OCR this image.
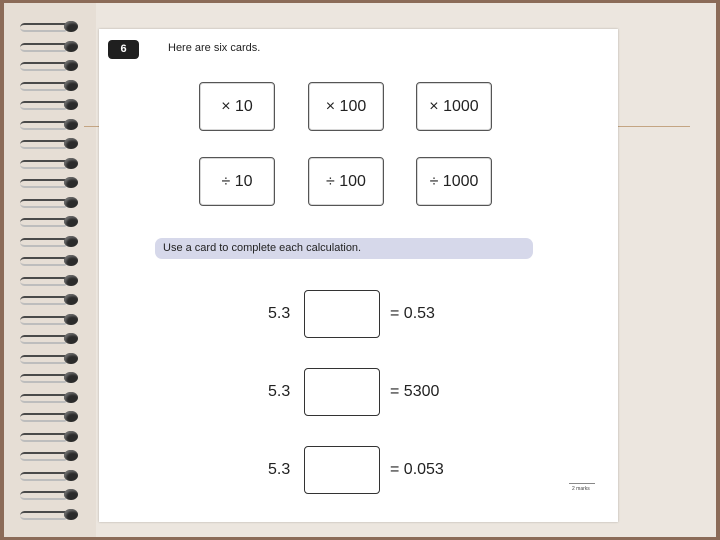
6	Here are six cards.
× 10	× 100	× 1000
÷ 10	÷ 100	÷ 1000
Use a card to complete each calculation.
5.3	= 0.53
5.3	= 5300
5.3	= 0.053
2 marks
